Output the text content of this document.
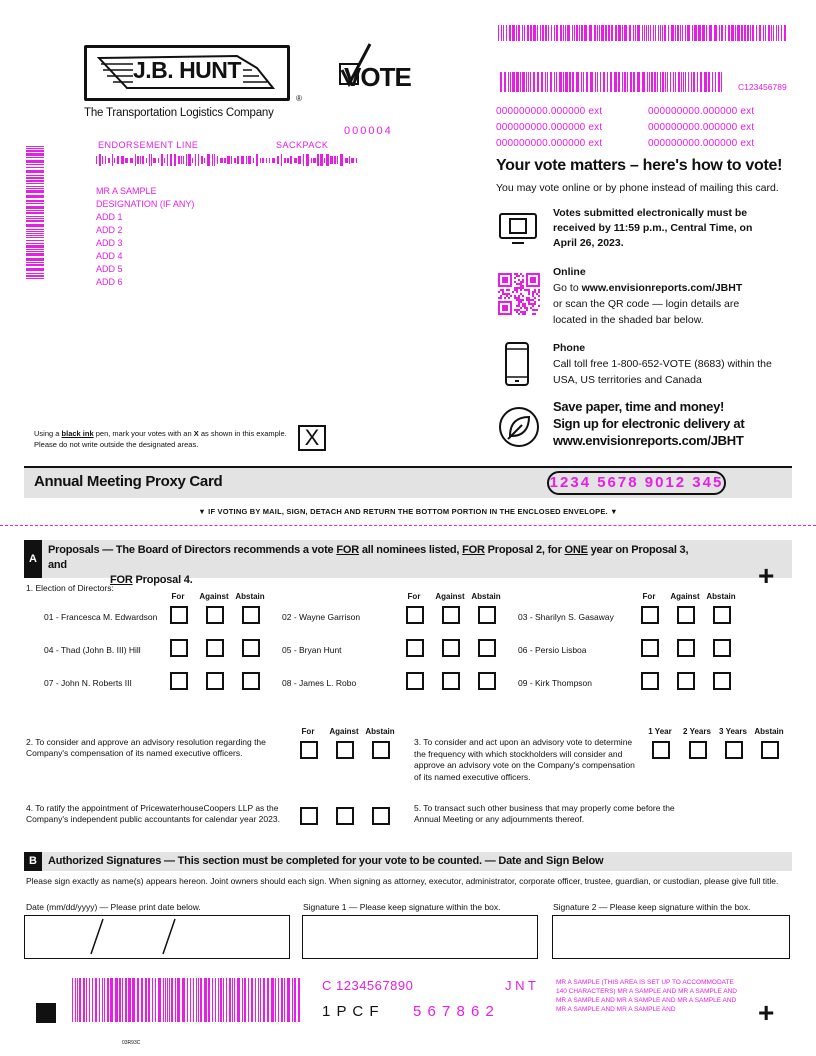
J.B. HUNT
The Transportation Logistics Company
®
VOTE	C123456789
000000000.000000 ext	000000000.000000 ext
000000000.000000 ext	000000000.000000 ext
000000000.000000 ext	000000000.000000 ext
Your vote matters – here's how to vote!
You may vote online or by phone instead of mailing this card.
Votes submitted electronically must be received by 11:59 p.m., Central Time, on April 26, 2023.
Online
Go to www.envisionreports.com/JBHT
or scan the QR code — login details are located in the shaded bar below.
Phone
Call toll free 1-800-652-VOTE (8683) within the USA, US territories and Canada
Save paper, time and money!
Sign up for electronic delivery at
www.envisionreports.com/JBHT
000004
ENDORSEMENT LINE	SACKPACK
MR A SAMPLE
DESIGNATION (IF ANY)
ADD 1
ADD 2
ADD 3
ADD 4
ADD 5
ADD 6
Using a black ink pen, mark your votes with an X as shown in this example.
Please do not write outside the designated areas.	X
Annual Meeting Proxy Card	1234 5678 9012 345
▼ IF VOTING BY MAIL, SIGN, DETACH AND RETURN THE BOTTOM PORTION IN THE ENCLOSED ENVELOPE. ▼
A
Proposals — The Board of Directors recommends a vote FOR all nominees listed, FOR Proposal 2, for ONE year on Proposal 3, and
FOR Proposal 4.	+
1. Election of Directors:
For	Against Abstain	For	Against Abstain	For	Against Abstain
01 - Francesca M. Edwardson	02 - Wayne Garrison	03 - Sharilyn S. Gasaway
04 - Thad (John B. III) Hill	05 - Bryan Hunt	06 - Persio Lisboa
07 - John N. Roberts III	08 - James L. Robo	09 - Kirk Thompson
2. To consider and approve an advisory resolution regarding the Company's compensation of its named executive officers.
For	Against Abstain
3. To consider and act upon an advisory vote to determine the frequency with which stockholders will consider and approve an advisory vote on the Company's compensation of its named executive officers.
1 Year	2 Years	3 Years Abstain
4. To ratify the appointment of PricewaterhouseCoopers LLP as the Company's independent public accountants for calendar year 2023.
5. To transact such other business that may properly come before the Annual Meeting or any adjournments thereof.
B	Authorized Signatures — This section must be completed for your vote to be counted. — Date and Sign Below
Please sign exactly as name(s) appears hereon. Joint owners should each sign. When signing as attorney, executor, administrator, corporate officer, trustee, guardian, or custodian, please give full title.
Date (mm/dd/yyyy) — Please print date below.	Signature 1 — Please keep signature within the box.	Signature 2 — Please keep signature within the box.
C 1234567890	J N T
1 P C F 5 6 7 8 6 2
MR A SAMPLE (THIS AREA IS SET UP TO ACCOMMODATE 140 CHARACTERS) MR A SAMPLE AND MR A SAMPLE AND MR A SAMPLE AND MR A SAMPLE AND MR A SAMPLE AND MR A SAMPLE AND MR A SAMPLE AND	+
03R93C
